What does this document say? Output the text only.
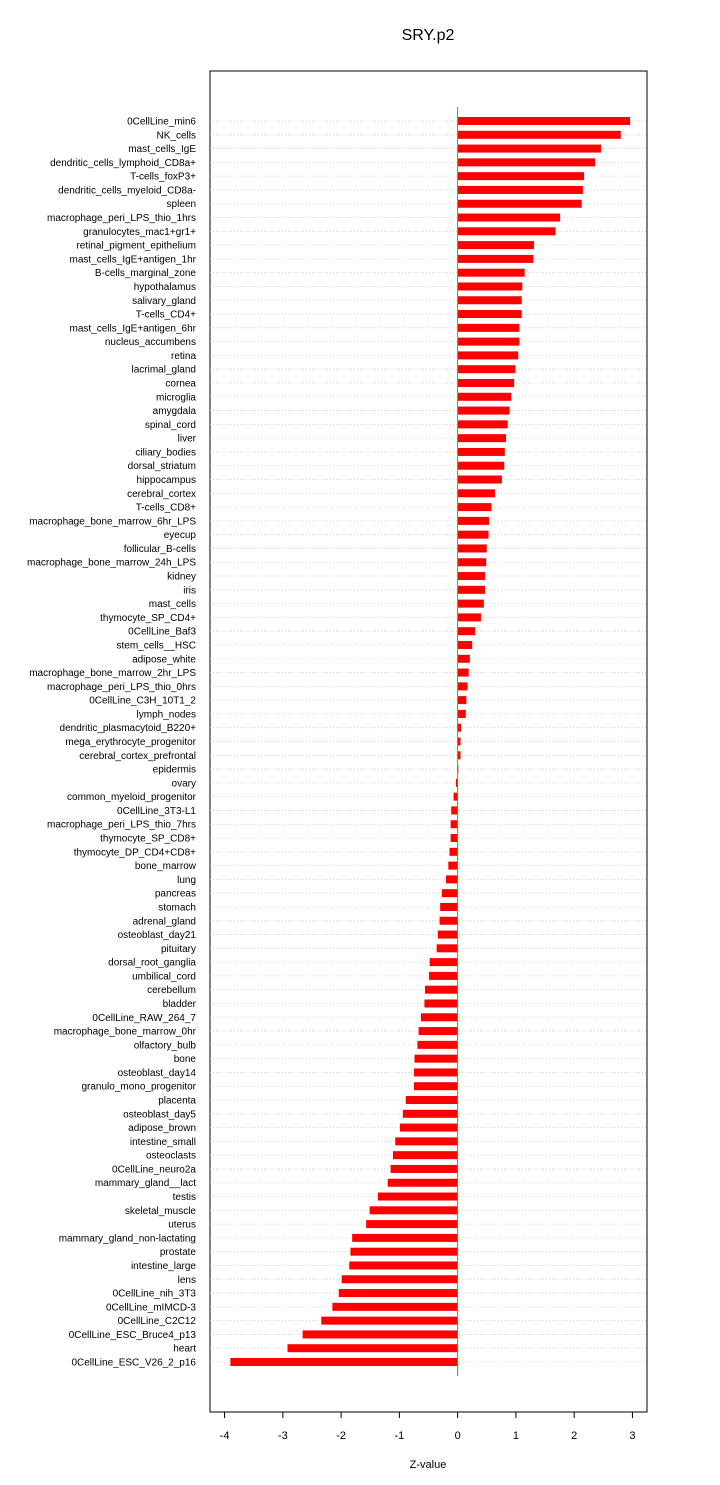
SRY.p2
0CellLine_min6
NK_cells
mast_cells_IgE
dendritic_cells_lymphoid_CD8a+
T-cells_foxP3+
dendritic_cells_myeloid_CD8a-
spleen
macrophage_peri_LPS_thio_1hrs
granulocytes_mac1+gr1+
retinal_pigment_epithelium
mast_cells_IgE+antigen_1hr
B-cells_marginal_zone
hypothalamus
salivary_gland
T-cells_CD4+
mast_cells_IgE+antigen_6hr
nucleus_accumbens
retina
lacrimal_gland
cornea
microglia
amygdala
spinal_cord
liver
ciliary_bodies
dorsal_striatum
hippocampus
cerebral_cortex
T-cells_CD8+
macrophage_bone_marrow_6hr_LPS
eyecup
follicular_B-cells
macrophage_bone_marrow_24h_LPS
kidney
iris
mast_cells
thymocyte_SP_CD4+
0CellLine_Baf3
stem_cells__HSC
adipose_white
macrophage_bone_marrow_2hr_LPS
macrophage_peri_LPS_thio_0hrs
0CellLine_C3H_10T1_2
lymph_nodes
dendritic_plasmacytoid_B220+
mega_erythrocyte_progenitor
cerebral_cortex_prefrontal
epidermis
ovary
common_myeloid_progenitor
0CellLine_3T3-L1
macrophage_peri_LPS_thio_7hrs
thymocyte_SP_CD8+
thymocyte_DP_CD4+CD8+
bone_marrow
lung
pancreas
stomach
adrenal_gland
osteoblast_day21
pituitary
dorsal_root_ganglia
umbilical_cord
cerebellum
bladder
0CellLine_RAW_264_7
macrophage_bone_marrow_0hr
olfactory_bulb
bone
osteoblast_day14
granulo_mono_progenitor
placenta
osteoblast_day5
adipose_brown
intestine_small
osteoclasts
0CellLine_neuro2a
mammary_gland__lact
testis
skeletal_muscle
uterus
mammary_gland_non-lactating
prostate
intestine_large
lens
0CellLine_nih_3T3
0CellLine_mIMCD-3
0CellLine_C2C12
0CellLine_ESC_Bruce4_p13
heart
0CellLine_ESC_V26_2_p16
-4	-3	-2	-1	0	1	2	3
Z-value
